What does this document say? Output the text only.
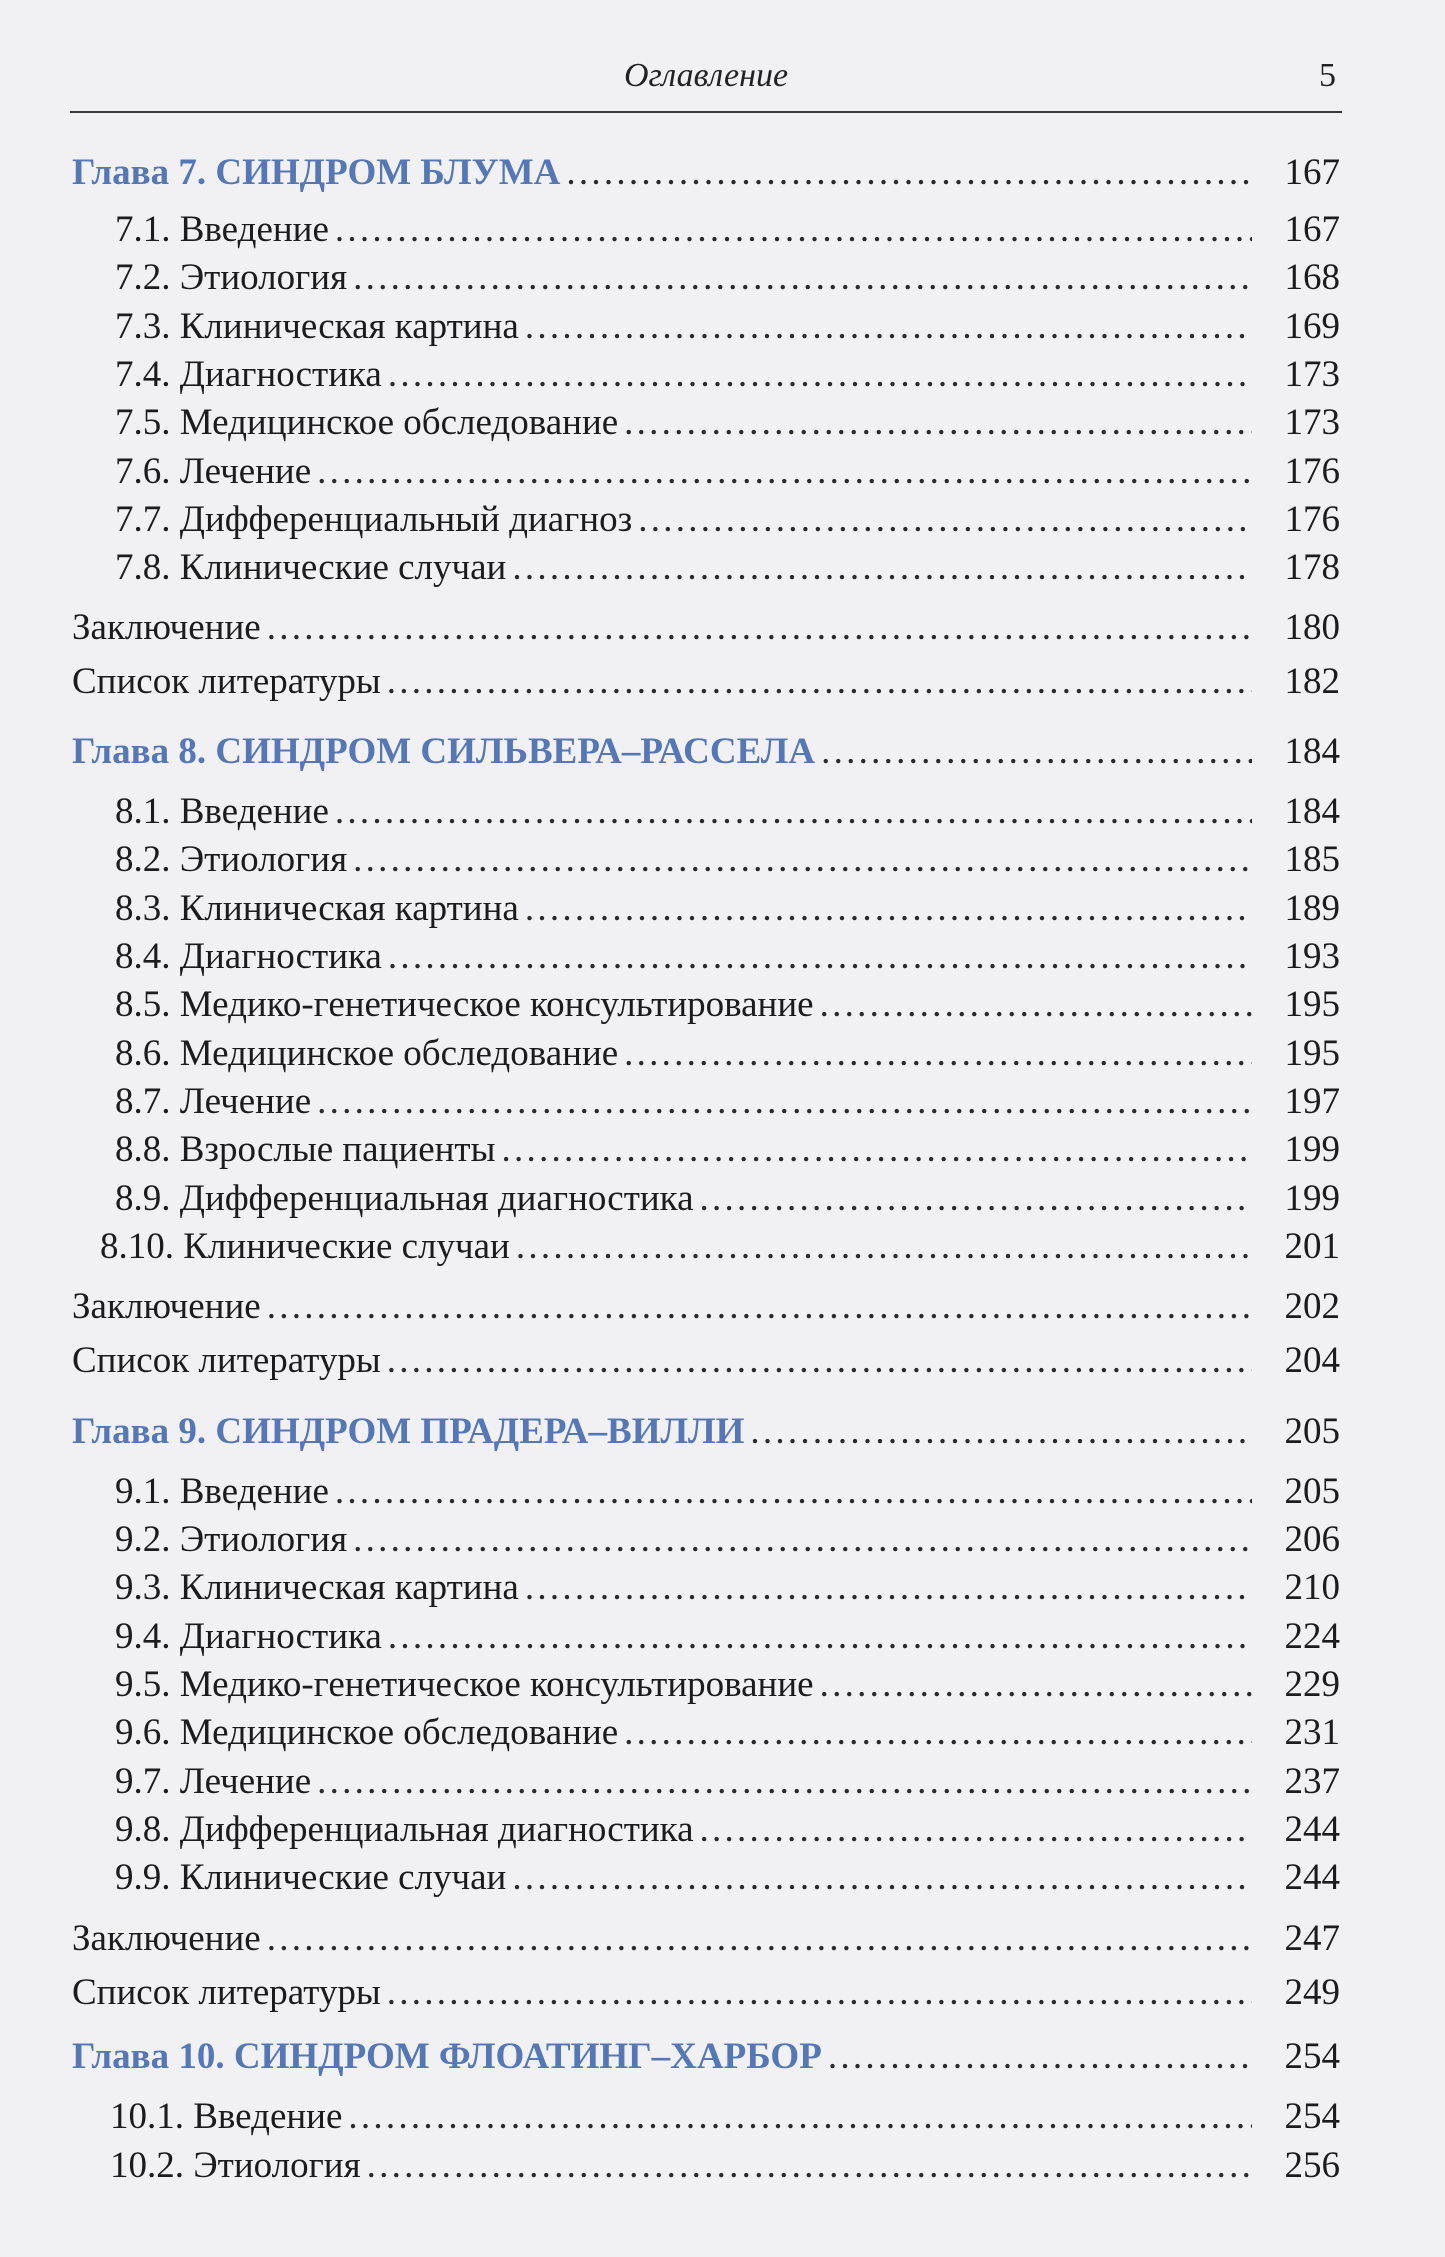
Оглавление	5
Глава 7. СИНДРОМ БЛУМА . . .	167
7.1. Введение . . .	167
7.2. Этиология . . .	168
7.3. Клиническая картина . . .	169
7.4. Диагностика . . .	173
7.5. Медицинское обследование . . .	173
7.6. Лечение . . .	176
7.7. Дифференциальный диагноз . . .	176
7.8. Клинические случаи . . .	178
Заключение . . .	180
Список литературы . . .	182
Глава 8. СИНДРОМ СИЛЬВЕРА–РАССЕЛА . . .	184
8.1. Введение . . .	184
8.2. Этиология . . .	185
8.3. Клиническая картина . . .	189
8.4. Диагностика . . .	193
8.5. Медико-генетическое консультирование . . .	195
8.6. Медицинское обследование . . .	195
8.7. Лечение . . .	197
8.8. Взрослые пациенты . . .	199
8.9. Дифференциальная диагностика . . .	199
8.10. Клинические случаи . . .	201
Заключение . . .	202
Список литературы . . .	204
Глава 9. СИНДРОМ ПРАДЕРА–ВИЛЛИ . . .	205
9.1. Введение . . .	205
9.2. Этиология . . .	206
9.3. Клиническая картина . . .	210
9.4. Диагностика . . .	224
9.5. Медико-генетическое консультирование . . .	229
9.6. Медицинское обследование . . .	231
9.7. Лечение . . .	237
9.8. Дифференциальная диагностика . . .	244
9.9. Клинические случаи . . .	244
Заключение . . .	247
Список литературы . . .	249
Глава 10. СИНДРОМ ФЛОАТИНГ–ХАРБОР . . .	254
10.1. Введение . . .	254
10.2. Этиология . . .	256
